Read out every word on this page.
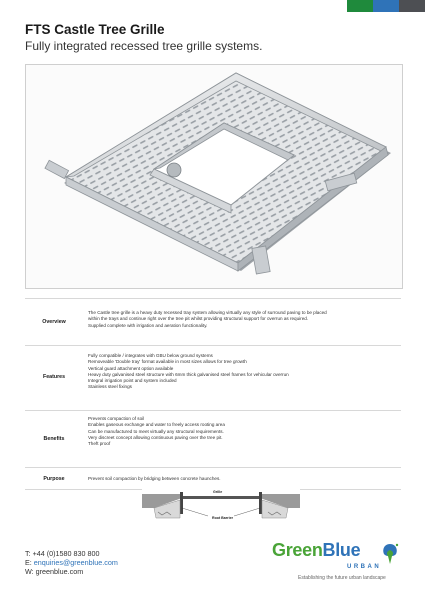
FTS Castle Tree Grille
Fully integrated recessed tree grille systems.
Overview
The Castle tree grille is a heavy duty recessed tray system allowing virtually any style of surround paving to be placed
within the trays and continue right over the tree pit whilst providing structural support for overrun as required.
Supplied complete with irrigation and aeration functionality.
Features
Fully compatible / integrates with GBU below ground systems
Removeable 'Double tray' format available in most sizes allows for tree growth
Vertical guard attachment option available
Heavy duty galvanised steel structure with 6mm thick galvanised steel frames for vehicular overrun
Integral irrigation point and system included
Stainless steel fixings
Benefits
Prevents compaction of soil
Enables gaseous exchange and water to freely access rooting area
Can be manufactured to meet virtually any structural requirements.
Very discreet concept allowing continuous paving over the tree pit.
Theft proof
Purpose	Prevent soil compaction by bridging between concrete haunches.
Paving	Grille
Root Barrier
T: +44 (0)1580 830 800
E: enquiries@greenblue.com
W: greenblue.com
GreenBlue
URBAN
Establishing the future urban landscape
